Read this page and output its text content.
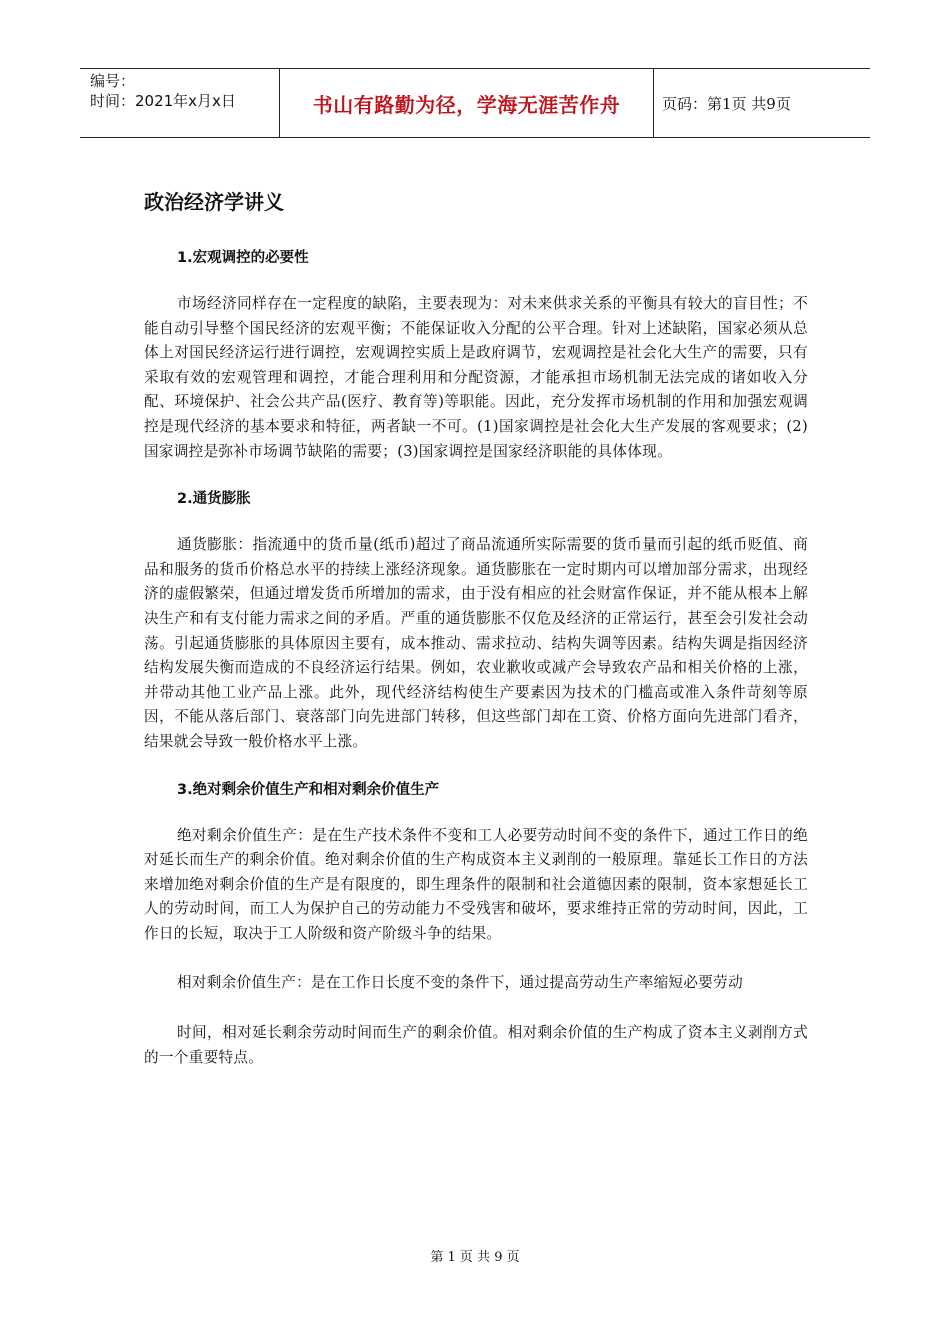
编号：
时间：2021年x月x日	书山有路勤为径，学海无涯苦作舟	页码：第1页 共9页
政治经济学讲义
1.宏观调控的必要性

市场经济同样存在一定程度的缺陷，主要表现为：对未来供求关系的平衡具有较大的盲目性；不能自动引导整个国民经济的宏观平衡；不能保证收入分配的公平合理。针对上述缺陷，国家必须从总体上对国民经济运行进行调控，宏观调控实质上是政府调节，宏观调控是社会化大生产的需要，只有采取有效的宏观管理和调控，才能合理利用和分配资源，才能承担市场机制无法完成的诸如收入分配、环境保护、社会公共产品(医疗、教育等)等职能。因此，充分发挥市场机制的作用和加强宏观调控是现代经济的基本要求和特征，两者缺一不可。(1)国家调控是社会化大生产发展的客观要求；(2)国家调控是弥补市场调节缺陷的需要；(3)国家调控是国家经济职能的具体体现。

2.通货膨胀

通货膨胀：指流通中的货币量(纸币)超过了商品流通所实际需要的货币量而引起的纸币贬值、商品和服务的货币价格总水平的持续上涨经济现象。通货膨胀在一定时期内可以增加部分需求，出现经济的虚假繁荣，但通过增发货币所增加的需求，由于没有相应的社会财富作保证，并不能从根本上解决生产和有支付能力需求之间的矛盾。严重的通货膨胀不仅危及经济的正常运行，甚至会引发社会动荡。引起通货膨胀的具体原因主要有，成本推动、需求拉动、结构失调等因素。结构失调是指因经济结构发展失衡而造成的不良经济运行结果。例如，农业歉收或减产会导致农产品和相关价格的上涨，并带动其他工业产品上涨。此外，现代经济结构使生产要素因为技术的门槛高或准入条件苛刻等原因，不能从落后部门、衰落部门向先进部门转移，但这些部门却在工资、价格方面向先进部门看齐，结果就会导致一般价格水平上涨。

3.绝对剩余价值生产和相对剩余价值生产

绝对剩余价值生产：是在生产技术条件不变和工人必要劳动时间不变的条件下，通过工作日的绝对延长而生产的剩余价值。绝对剩余价值的生产构成资本主义剥削的一般原理。靠延长工作日的方法来增加绝对剩余价值的生产是有限度的，即生理条件的限制和社会道德因素的限制，资本家想延长工人的劳动时间，而工人为保护自己的劳动能力不受残害和破坏，要求维持正常的劳动时间，因此，工作日的长短，取决于工人阶级和资产阶级斗争的结果。

相对剩余价值生产：是在工作日长度不变的条件下，通过提高劳动生产率缩短必要劳动

时间，相对延长剩余劳动时间而生产的剩余价值。相对剩余价值的生产构成了资本主义剥削方式的一个重要特点。

第 1 页 共 9 页
